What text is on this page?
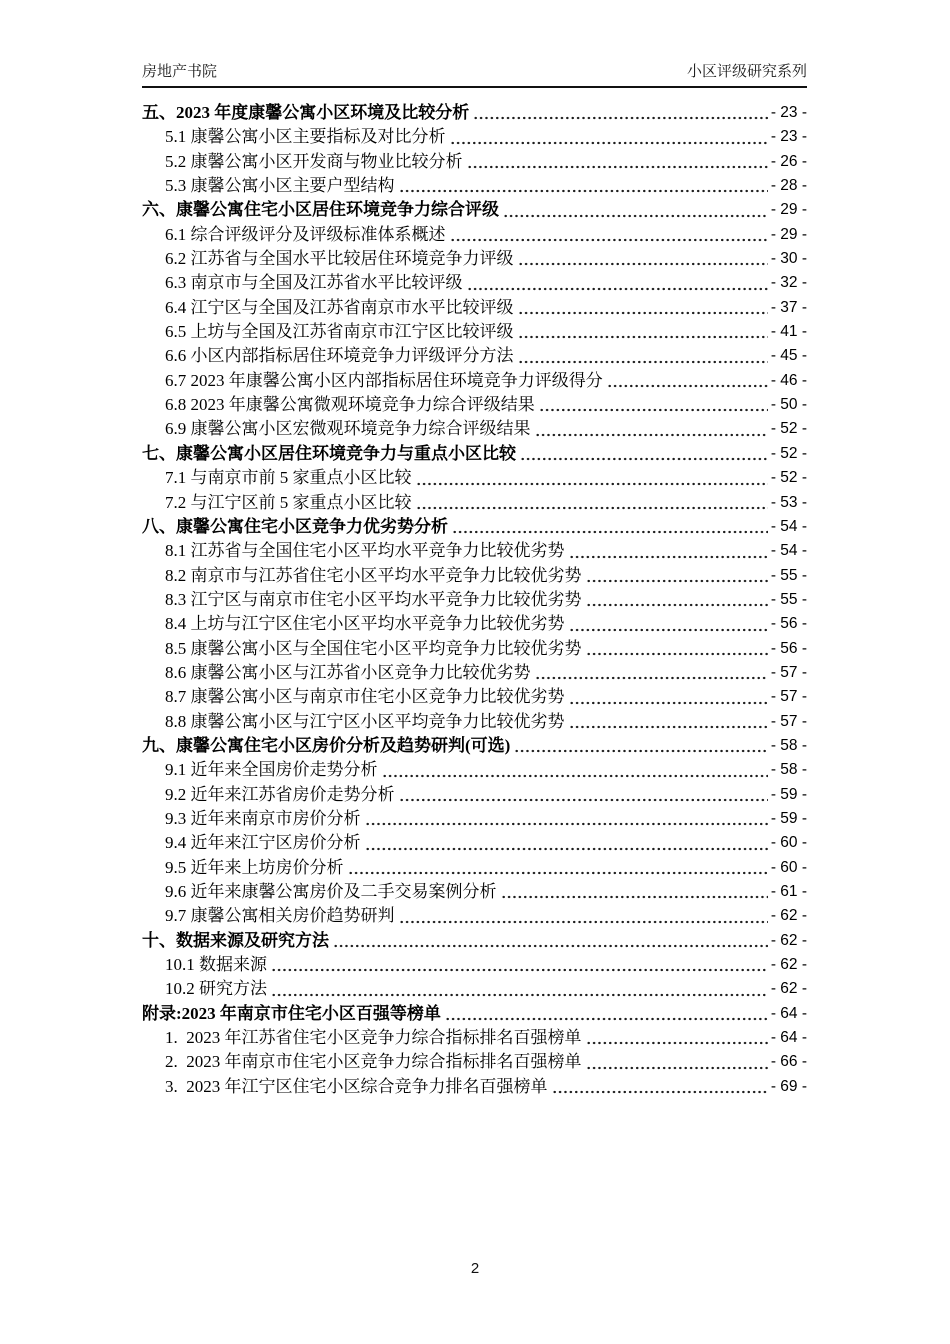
房地产书院	小区评级研究系列
五、2023 年度康馨公寓小区环境及比较分析	- 23 -
5.1 康馨公寓小区主要指标及对比分析	- 23 -
5.2 康馨公寓小区开发商与物业比较分析	- 26 -
5.3 康馨公寓小区主要户型结构	- 28 -
六、康馨公寓住宅小区居住环境竞争力综合评级	- 29 -
6.1 综合评级评分及评级标准体系概述	- 29 -
6.2 江苏省与全国水平比较居住环境竞争力评级	- 30 -
6.3 南京市与全国及江苏省水平比较评级	- 32 -
6.4 江宁区与全国及江苏省南京市水平比较评级	- 37 -
6.5 上坊与全国及江苏省南京市江宁区比较评级	- 41 -
6.6 小区内部指标居住环境竞争力评级评分方法	- 45 -
6.7 2023 年康馨公寓小区内部指标居住环境竞争力评级得分	- 46 -
6.8 2023 年康馨公寓微观环境竞争力综合评级结果	- 50 -
6.9 康馨公寓小区宏微观环境竞争力综合评级结果	- 52 -
七、康馨公寓小区居住环境竞争力与重点小区比较	- 52 -
7.1 与南京市前 5 家重点小区比较	- 52 -
7.2 与江宁区前 5 家重点小区比较	- 53 -
八、康馨公寓住宅小区竞争力优劣势分析	- 54 -
8.1 江苏省与全国住宅小区平均水平竞争力比较优劣势	- 54 -
8.2 南京市与江苏省住宅小区平均水平竞争力比较优劣势	- 55 -
8.3 江宁区与南京市住宅小区平均水平竞争力比较优劣势	- 55 -
8.4 上坊与江宁区住宅小区平均水平竞争力比较优劣势	- 56 -
8.5 康馨公寓小区与全国住宅小区平均竞争力比较优劣势	- 56 -
8.6 康馨公寓小区与江苏省小区竞争力比较优劣势	- 57 -
8.7 康馨公寓小区与南京市住宅小区竞争力比较优劣势	- 57 -
8.8 康馨公寓小区与江宁区小区平均竞争力比较优劣势	- 57 -
九、康馨公寓住宅小区房价分析及趋势研判(可选)	- 58 -
9.1 近年来全国房价走势分析	- 58 -
9.2 近年来江苏省房价走势分析	- 59 -
9.3 近年来南京市房价分析	- 59 -
9.4 近年来江宁区房价分析	- 60 -
9.5 近年来上坊房价分析	- 60 -
9.6 近年来康馨公寓房价及二手交易案例分析	- 61 -
9.7 康馨公寓相关房价趋势研判	- 62 -
十、数据来源及研究方法	- 62 -
10.1 数据来源	- 62 -
10.2 研究方法	- 62 -
附录:2023 年南京市住宅小区百强等榜单	- 64 -
1.  2023 年江苏省住宅小区竞争力综合指标排名百强榜单	- 64 -
2.  2023 年南京市住宅小区竞争力综合指标排名百强榜单	- 66 -
3.  2023 年江宁区住宅小区综合竞争力排名百强榜单	- 69 -
2
